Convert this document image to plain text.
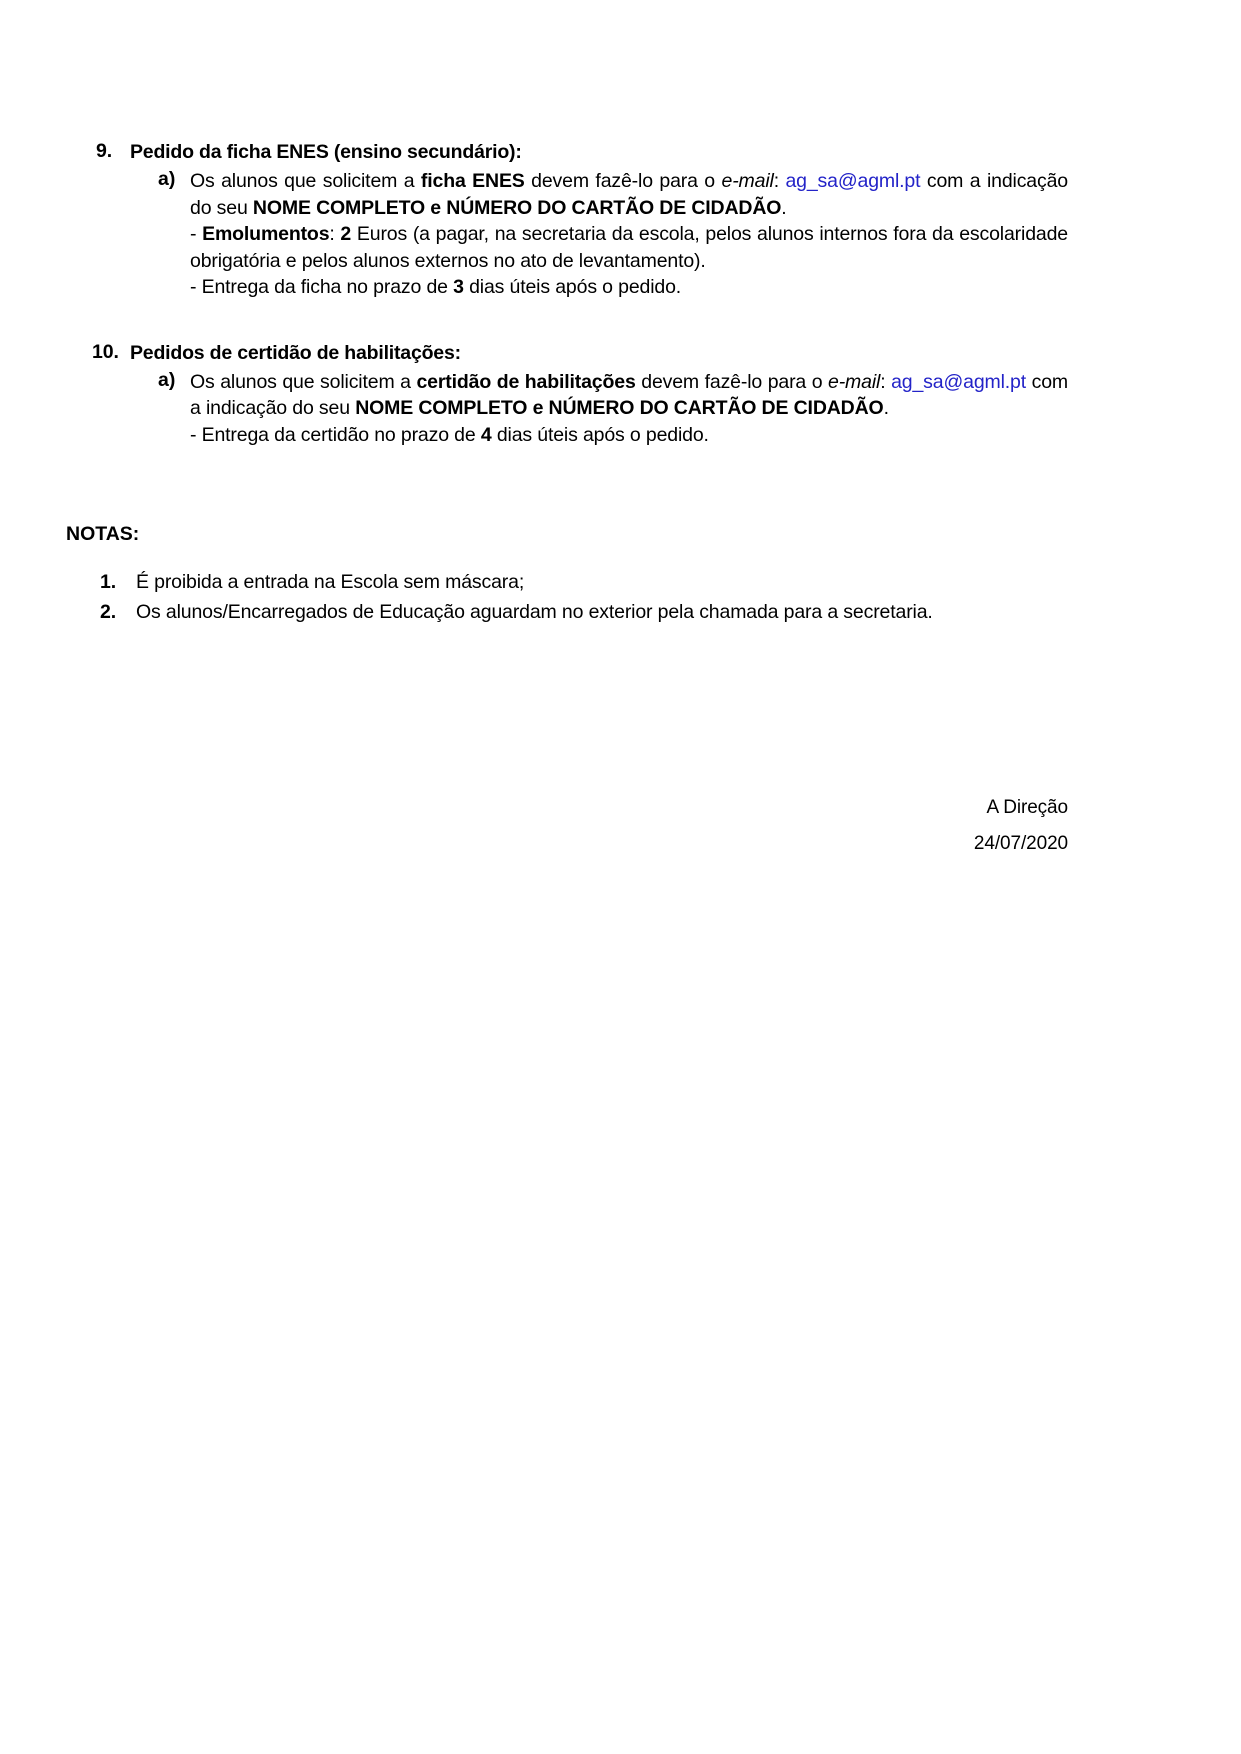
9. Pedido da ficha ENES (ensino secundário):
a) Os alunos que solicitem a ficha ENES devem fazê-lo para o e-mail: ag_sa@agml.pt com a indicação do seu NOME COMPLETO e NÚMERO DO CARTÃO DE CIDADÃO.

- Emolumentos: 2 Euros (a pagar, na secretaria da escola, pelos alunos internos fora da escolaridade obrigatória e pelos alunos externos no ato de levantamento).

- Entrega da ficha no prazo de 3 dias úteis após o pedido.

10. Pedidos de certidão de habilitações:
a) Os alunos que solicitem a certidão de habilitações devem fazê-lo para o e-mail: ag_sa@agml.pt com a indicação do seu NOME COMPLETO e NÚMERO DO CARTÃO DE CIDADÃO.

- Entrega da certidão no prazo de 4 dias úteis após o pedido.

NOTAS:
1. É proibida a entrada na Escola sem máscara;
2. Os alunos/Encarregados de Educação aguardam no exterior pela chamada para a secretaria.
A Direção
24/07/2020
